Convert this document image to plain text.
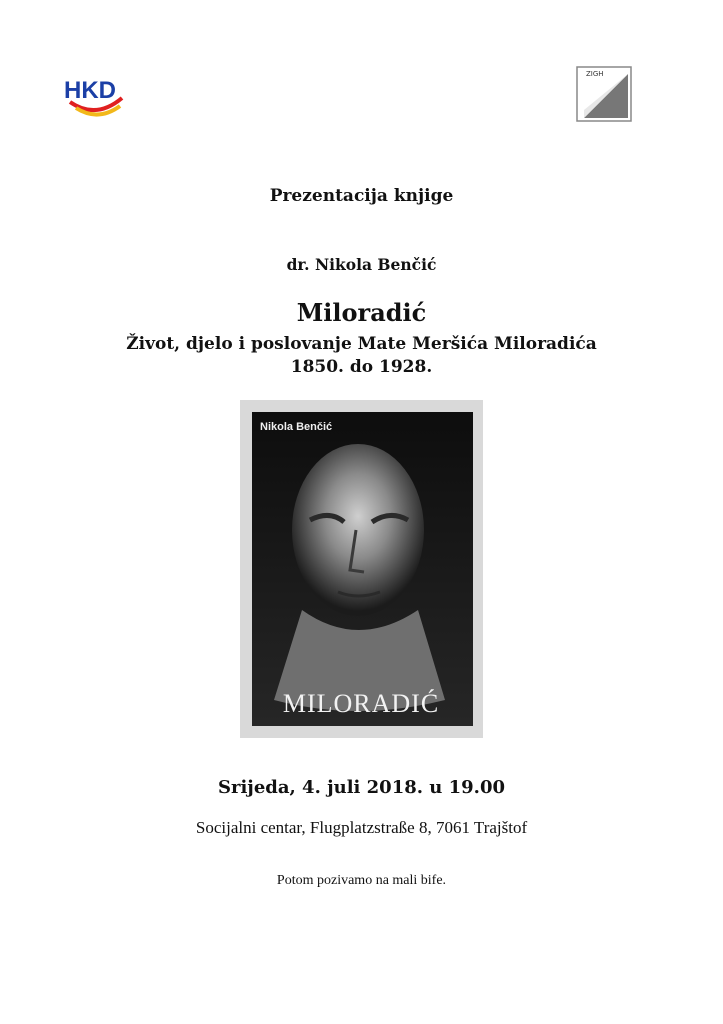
HKD
ZIGH
Prezentacija knjige
dr. Nikola Benčić
Miloradić
Život, djelo i poslovanje Mate Meršića Miloradića
1850. do 1928.
Nikola Benčić
MILORADIĆ
Srijeda, 4. juli 2018. u 19.00
Socijalni centar, Flugplatzstraße 8, 7061 Trajštof
Potom pozivamo na mali bife.
